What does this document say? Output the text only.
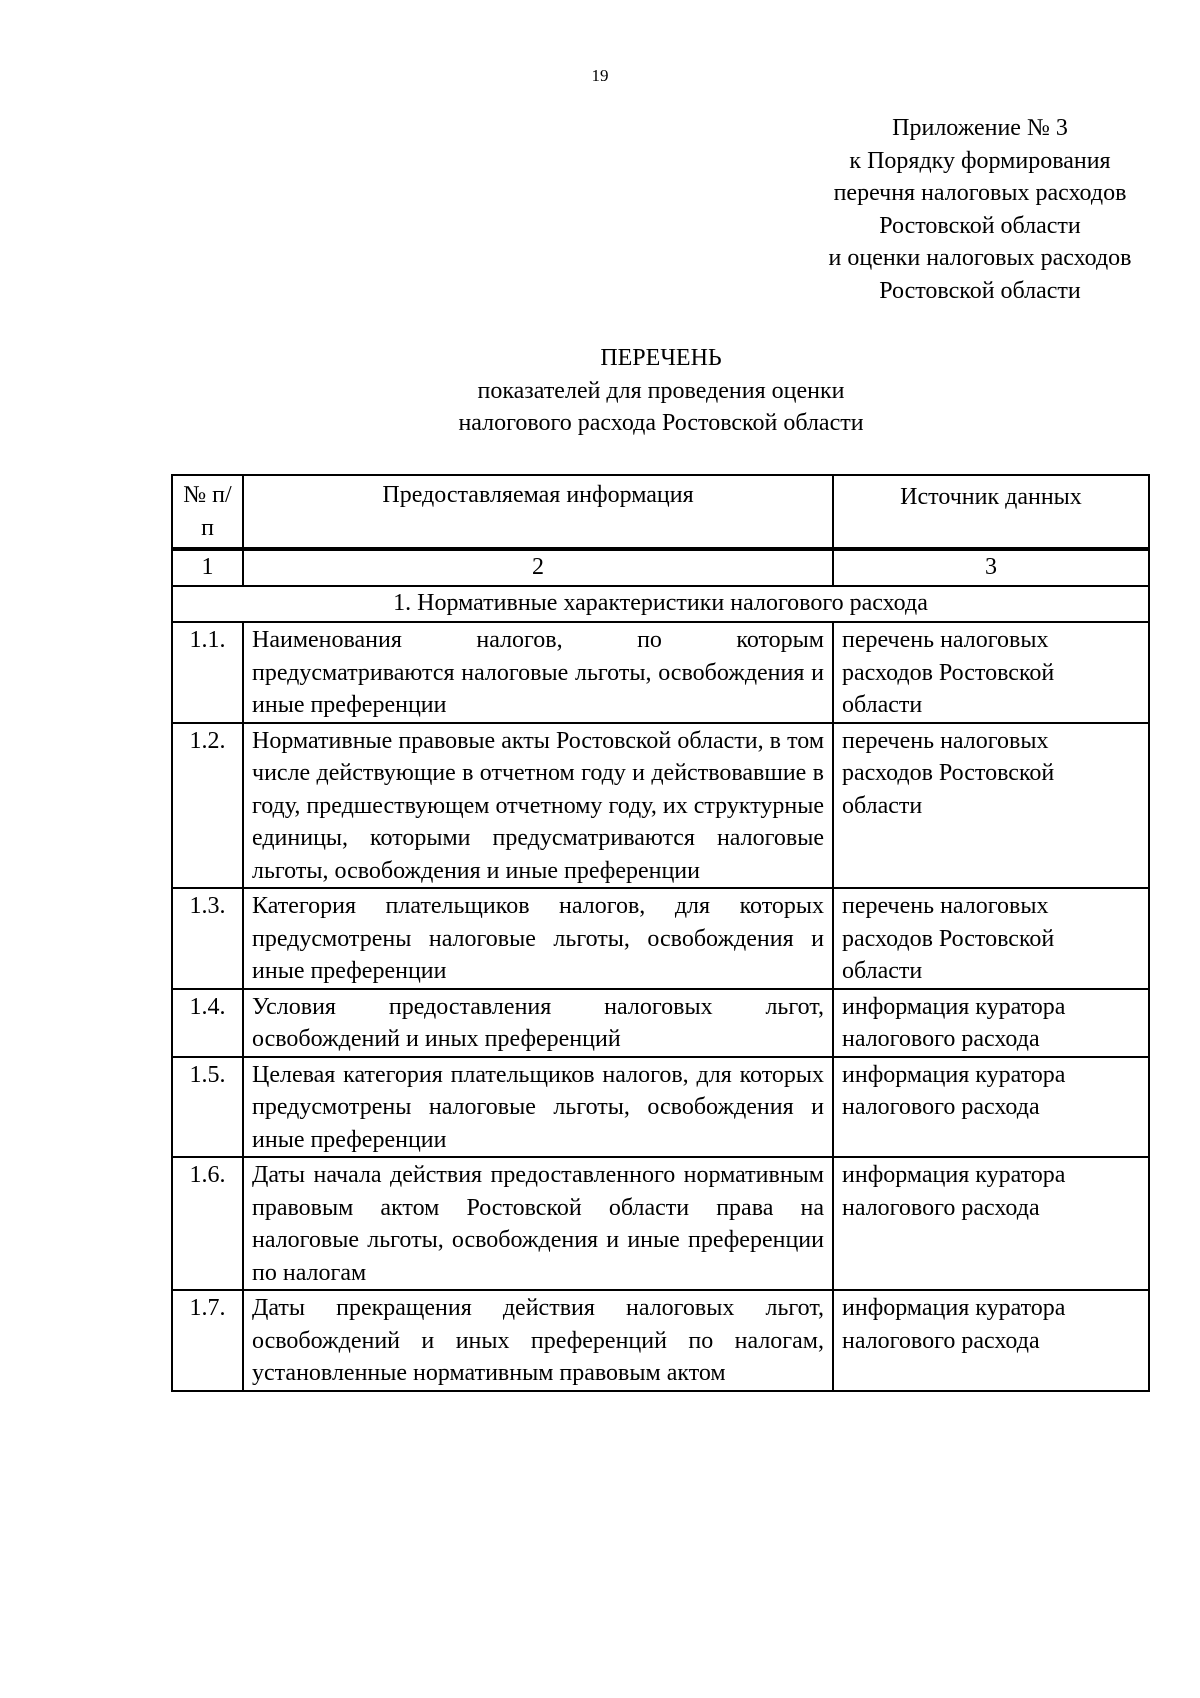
19
Приложение № 3
к Порядку формирования
перечня налоговых расходов
Ростовской области
и оценки налоговых расходов
Ростовской области
ПЕРЕЧЕНЬ
показателей для проведения оценки
налогового расхода Ростовской области
№ п/п	Предоставляемая информация	Источник данных
1	2	3
1. Нормативные характеристики налогового расхода		
1.1.	Наименования налогов, по которым предусматриваются налоговые льготы, освобождения и иные преференции	перечень налоговых расходов Ростовской области
1.2.	Нормативные правовые акты Ростовской области, в том числе действующие в отчетном году и действовавшие в году, предшествующем отчетному году, их структурные единицы, которыми предусматриваются налоговые льготы, освобождения и иные преференции	перечень налоговых расходов Ростовской области
1.3.	Категория плательщиков налогов, для которых предусмотрены налоговые льготы, освобождения и иные преференции	перечень налоговых расходов Ростовской области
1.4.	Условия предоставления налоговых льгот, освобождений и иных преференций	информация куратора налогового расхода
1.5.	Целевая категория плательщиков налогов, для которых предусмотрены налоговые льготы, освобождения и иные преференции	информация куратора налогового расхода
1.6.	Даты начала действия предоставленного нормативным правовым актом Ростовской области права на налоговые льготы, освобождения и иные преференции по налогам	информация куратора налогового расхода
1.7.	Даты прекращения действия налоговых льгот, освобождений и иных преференций по налогам, установленные нормативным правовым актом	информация куратора налогового расхода
